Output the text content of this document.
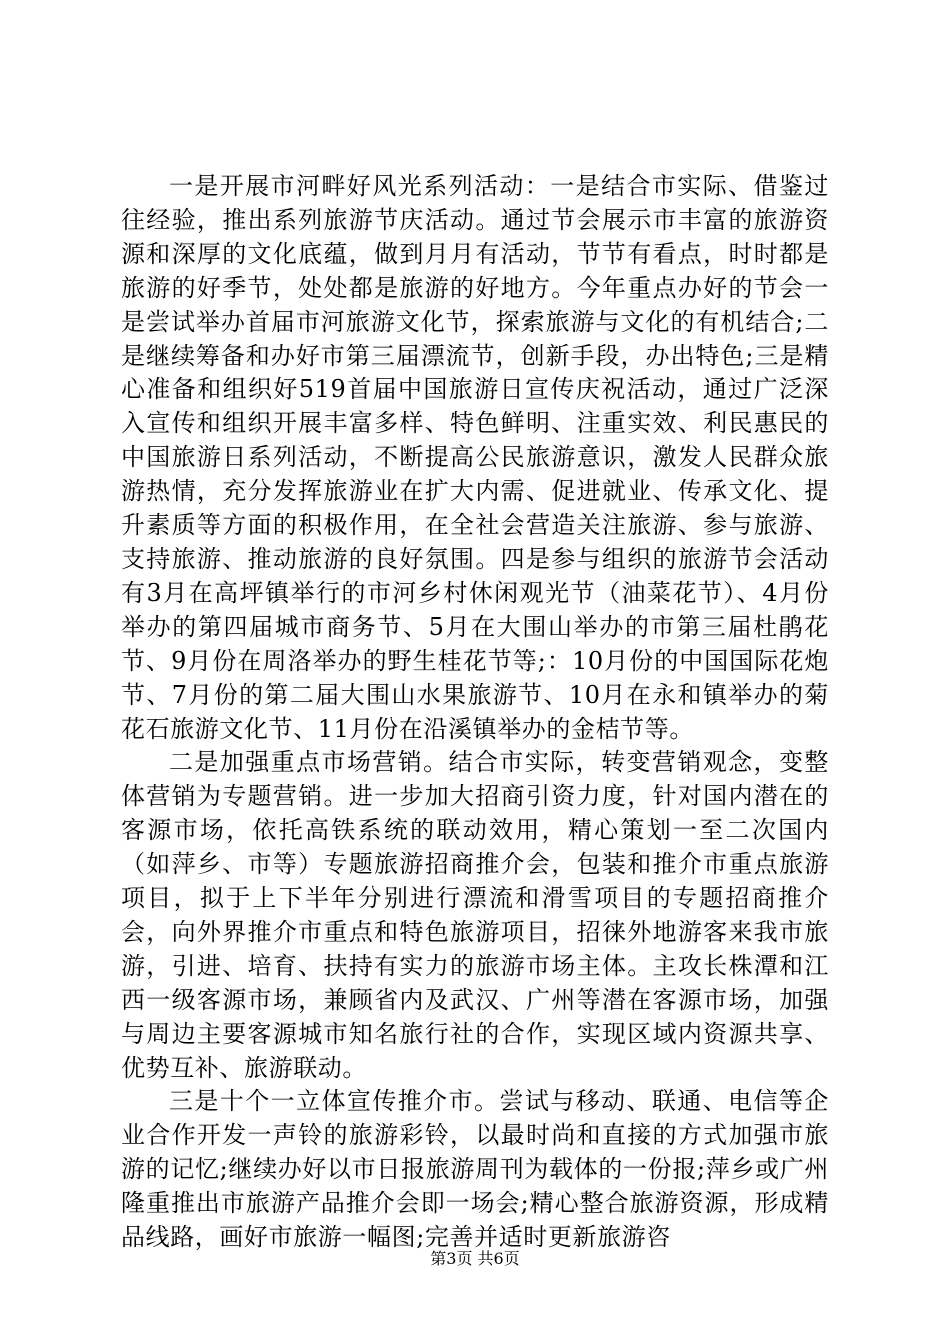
一是开展市河畔好风光系列活动：一是结合市实际、借鉴过往经验，推出系列旅游节庆活动。通过节会展示市丰富的旅游资源和深厚的文化底蕴，做到月月有活动，节节有看点，时时都是旅游的好季节，处处都是旅游的好地方。今年重点办好的节会一是尝试举办首届市河旅游文化节，探索旅游与文化的有机结合;二是继续筹备和办好市第三届漂流节，创新手段，办出特色;三是精心准备和组织好519首届中国旅游日宣传庆祝活动，通过广泛深入宣传和组织开展丰富多样、特色鲜明、注重实效、利民惠民的中国旅游日系列活动，不断提高公民旅游意识，激发人民群众旅游热情，充分发挥旅游业在扩大内需、促进就业、传承文化、提升素质等方面的积极作用，在全社会营造关注旅游、参与旅游、支持旅游、推动旅游的良好氛围。四是参与组织的旅游节会活动有3月在高坪镇举行的市河乡村休闲观光节（油菜花节）、4月份举办的第四届城市商务节、5月在大围山举办的市第三届杜鹃花节、9月份在周洛举办的野生桂花节等;：10月份的中国国际花炮节、7月份的第二届大围山水果旅游节、10月在永和镇举办的菊花石旅游文化节、11月份在沿溪镇举办的金桔节等。

二是加强重点市场营销。结合市实际，转变营销观念，变整体营销为专题营销。进一步加大招商引资力度，针对国内潜在的客源市场，依托高铁系统的联动效用，精心策划一至二次国内（如萍乡、市等）专题旅游招商推介会，包装和推介市重点旅游项目，拟于上下半年分别进行漂流和滑雪项目的专题招商推介会，向外界推介市重点和特色旅游项目，招徕外地游客来我市旅游，引进、培育、扶持有实力的旅游市场主体。主攻长株潭和江西一级客源市场，兼顾省内及武汉、广州等潜在客源市场，加强与周边主要客源城市知名旅行社的合作，实现区域内资源共享、优势互补、旅游联动。

三是十个一立体宣传推介市。尝试与移动、联通、电信等企业合作开发一声铃的旅游彩铃，以最时尚和直接的方式加强市旅游的记忆;继续办好以市日报旅游周刊为载体的一份报;萍乡或广州隆重推出市旅游产品推介会即一场会;精心整合旅游资源，形成精品线路，画好市旅游一幅图;完善并适时更新旅游咨

第3页 共6页
